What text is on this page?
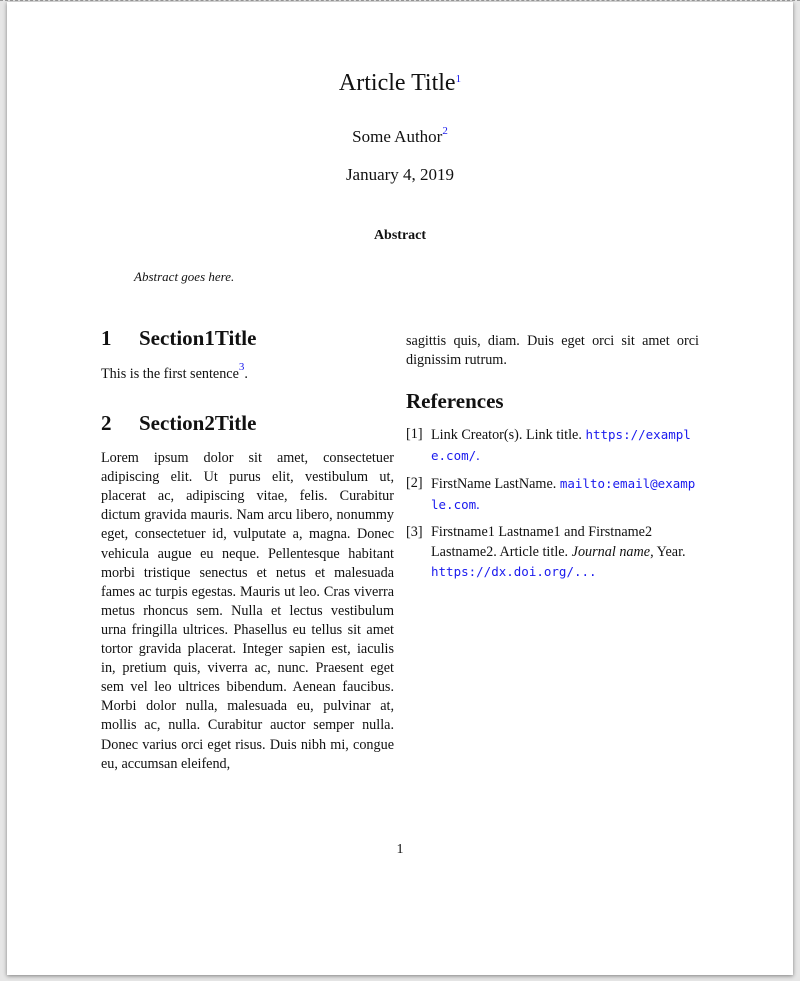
Article Title$^1$
Some Author$^2$
January 4, 2019
Abstract
Abstract goes here.
1 Section1Title

This is the first sentence$^3$.

2 Section2Title

Lorem ipsum dolor sit amet, consectetuer adipiscing elit. Ut purus elit, vestibulum ut, placerat ac, adipiscing vitae, felis. Curabitur dictum gravida mauris. Nam arcu libero, nonummy eget, consectetuer id, vulputate a, magna. Donec vehicula augue eu neque. Pellentesque habitant morbi tristique senectus et netus et malesuada fames ac turpis egestas. Mauris ut leo. Cras viverra metus rhoncus sem. Nulla et lectus vestibulum urna fringilla ultrices. Phasellus eu tellus sit amet tortor gravida placerat. Integer sapien est, iaculis in, pretium quis, viverra ac, nunc. Praesent eget sem vel leo ultrices bibendum. Aenean faucibus. Morbi dolor nulla, malesuada eu, pulvinar at, mollis ac, nulla. Curabitur auctor semper nulla. Donec varius orci eget risus. Duis nibh mi, congue eu, accumsan eleifend,

sagittis quis, diam. Duis eget orci sit amet orci dignissim rutrum.

References
[1] Link Creator(s). Link title. https://example.com/.
[2] FirstName LastName. mailto:email@example.com.
[3] Firstname1 Lastname1 and Firstname2 Lastname2. Article title. Journal name, Year. https://dx.doi.org/...
1
